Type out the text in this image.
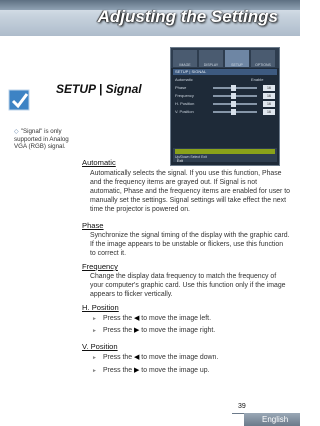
Adjusting the Settings
SETUP | Signal
IMAGE	DISPLAY	SETUP	OPTIONS
SETUP | SIGNAL
Automatic	Enable
Phase	16
Frequency	16
H. Position	16
V. Position	16
Exit
Up/Down Select Exit
◇ "Signal" is only supported in Analog VGA (RGB) signal.
Automatic
Automatically selects the signal. If you use this function, Phase and the frequency items are grayed out. If Signal is not automatic, Phase and the frequency items are enabled for user to manually set the settings. Signal settings will take effect the next time the projector is powered on.
Phase
Synchronize the signal timing of the display with the graphic card. If the image appears to be unstable or flickers, use this function to correct it.
Frequency
Change the display data frequency to match the frequency of your computer's graphic card. Use this function only if the image appears to flicker vertically.
H. Position
► Press the ◀ to move the image left.
► Press the ▶ to move the image right.
V. Position
► Press the ◀ to move the image down.
► Press the ▶ to move the image up.
39
English
